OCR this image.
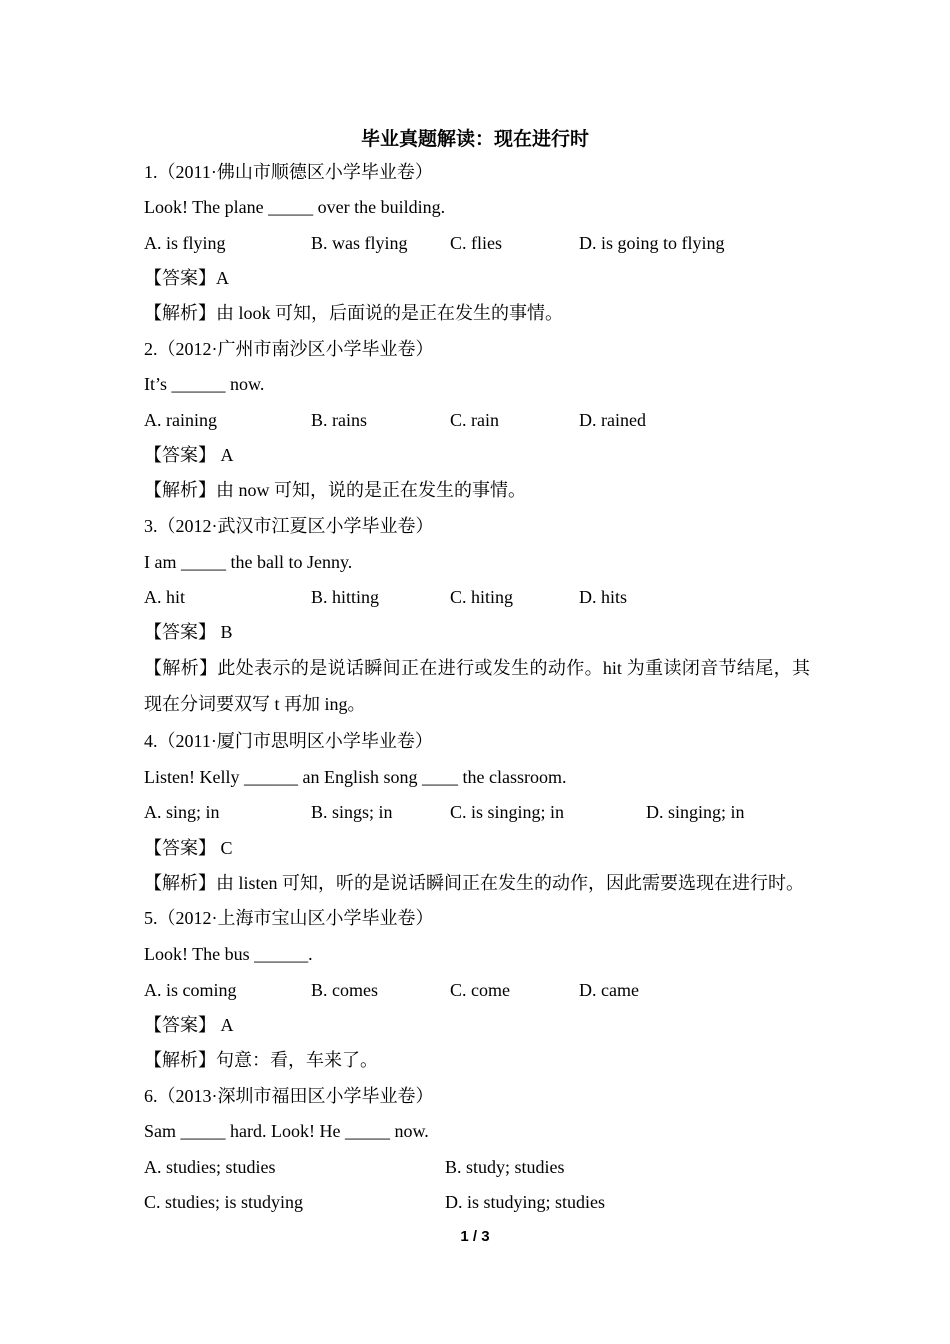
毕业真题解读：现在进行时
1.（2011·佛山市顺德区小学毕业卷）
Look! The plane _____ over the building.
A. is flying	B. was flying C. flies	D. is going to flying
【答案】A
【解析】由 look 可知，后面说的是正在发生的事情。
2.（2012·广州市南沙区小学毕业卷）
It’s ______ now.
A. raining	B. rains	C. rain	D. rained
【答案】 A
【解析】由 now 可知，说的是正在发生的事情。
3.（2012·武汉市江夏区小学毕业卷）
I am _____ the ball to Jenny.
A. hit	B. hitting	C. hiting	D. hits
【答案】 B
【解析】此处表示的是说话瞬间正在进行或发生的动作。hit 为重读闭音节结尾，其现在分词要双写 t 再加 ing。
4.（2011·厦门市思明区小学毕业卷）
Listen! Kelly ______ an English song ____ the classroom.
A. sing; in	B. sings; in	C. is singing; in	D. singing; in
【答案】 C
【解析】由 listen 可知，听的是说话瞬间正在发生的动作，因此需要选现在进行时。
5.（2012·上海市宝山区小学毕业卷）
Look! The bus ______.
A. is coming	B. comes	C. come	D. came
【答案】 A
【解析】句意：看，车来了。
6.（2013·深圳市福田区小学毕业卷）
Sam _____ hard. Look! He _____ now.
A. studies; studies	B. study; studies
C. studies; is studying	D. is studying; studies
1 / 3
